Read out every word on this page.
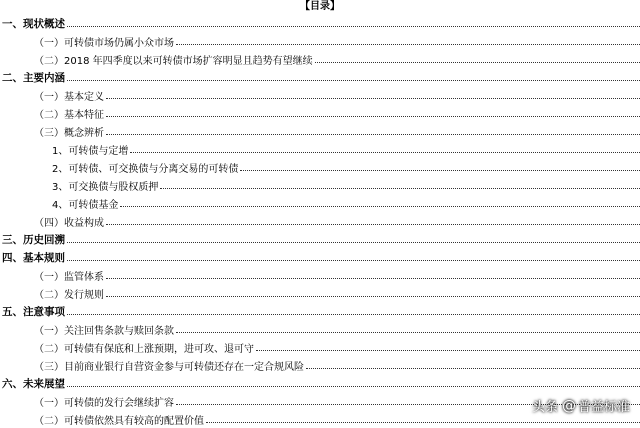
【目录】
一、现状概述
（一）可转债市场仍属小众市场
（二）2018 年四季度以来可转债市场扩容明显且趋势有望继续
二、主要内涵
（一）基本定义
（二）基本特征
（三）概念辨析
1、可转债与定增
2、可转债、可交换债与分离交易的可转债
3、可交换债与股权质押
4、可转债基金
（四）收益构成
三、历史回溯
四、基本规则
（一）监管体系
（二）发行规则
五、注意事项
（一）关注回售条款与赎回条款
（二）可转债有保底和上涨预期，进可攻、退可守
（三）目前商业银行自营资金参与可转债还存在一定合规风险
六、未来展望
（一）可转债的发行会继续扩容
（二）可转债依然具有较高的配置价值
头条 @ 普益标准
